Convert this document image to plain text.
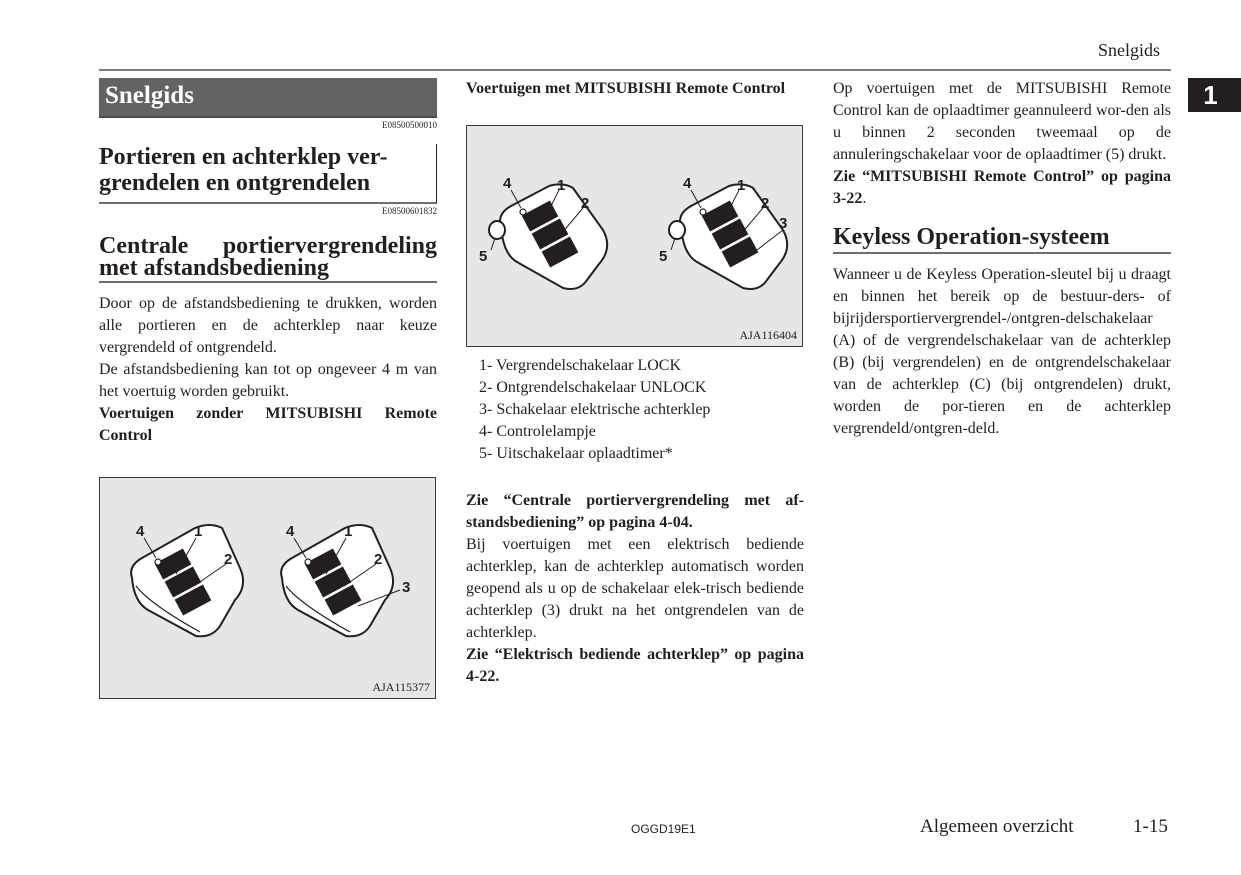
Snelgids
1
Snelgids
E08500500010
Portieren en achterklep ver-
grendelen en ontgrendelen
E08500601832
Centrale portiervergrendeling
met afstandsbediening

Door op de afstandsbediening te drukken, worden alle portieren en de achterklep naar keuze vergrendeld of ontgrendeld.

De afstandsbediening kan tot op ongeveer 4 m van het voertuig worden gebruikt.

Voertuigen zonder MITSUBISHI Remote Control

4	1
2
4	1
2
3
AJA115377

Voertuigen met MITSUBISHI Remote Control

4	1
2
5
4	1
2
3
5
AJA116404
1- Vergrendelschakelaar LOCK
2- Ontgrendelschakelaar UNLOCK
3- Schakelaar elektrische achterklep
4- Controlelampje
5- Uitschakelaar oplaadtimer*

Zie “Centrale portiervergrendeling met af-standsbediening” op pagina 4-04.

Bij voertuigen met een elektrisch bediende achterklep, kan de achterklep automatisch worden geopend als u op de schakelaar elek-trisch bediende achterklep (3) drukt na het ontgrendelen van de achterklep.

Zie “Elektrisch bediende achterklep” op pagina 4-22.

Op voertuigen met de MITSUBISHI Remote Control kan de oplaadtimer geannuleerd wor-den als u binnen 2 seconden tweemaal op de annuleringschakelaar voor de oplaadtimer (5) drukt.

Zie “MITSUBISHI Remote Control” op pagina 3-22.

Keyless Operation-systeem

Wanneer u de Keyless Operation-sleutel bij u draagt en binnen het bereik op de bestuur-ders- of bijrijdersportiervergrendel-/ontgren-delschakelaar (A) of de vergrendelschakelaar van de achterklep (B) (bij vergrendelen) en de ontgrendelschakelaar van de achterklep (C) (bij ontgrendelen) drukt, worden de por-tieren en de achterklep vergrendeld/ontgren-deld.

OGGD19E1	Algemeen overzicht	1-15
